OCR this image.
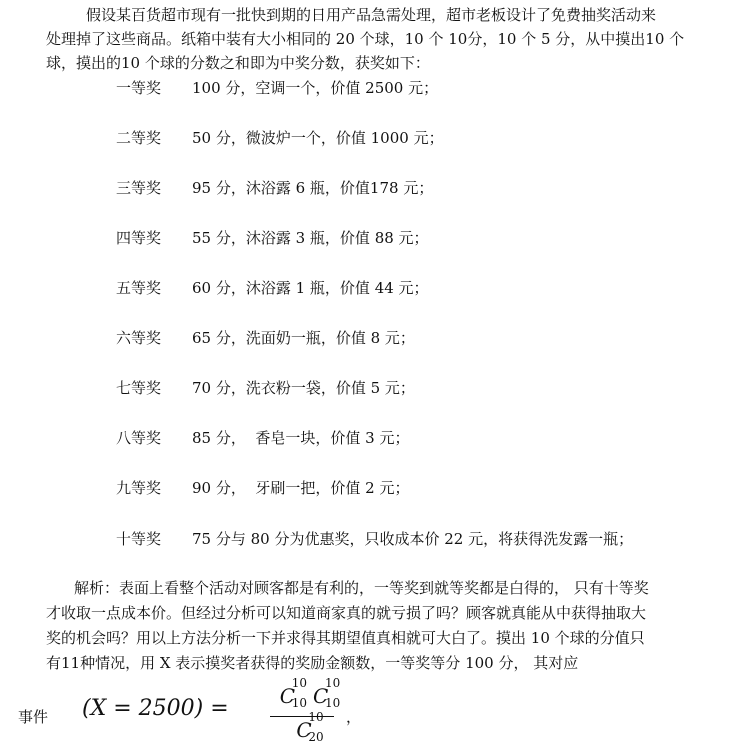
假设某百货超市现有一批快到期的日用产品急需处理，超市老板设计了免费抽奖活动来
处理掉了这些商品。纸箱中装有大小相同的 20 个球，10 个 10分，10 个 5 分，从中摸出10 个
球，摸出的10 个球的分数之和即为中奖分数，获奖如下：
一等奖 100 分，空调一个，价值 2500 元；
二等奖 50 分，微波炉一个，价值 1000 元；
三等奖 95 分，沐浴露 6 瓶，价值178 元；
四等奖 55 分，沐浴露 3 瓶，价值 88 元；
五等奖 60 分，沐浴露 1 瓶，价值 44 元；
六等奖 65 分，洗面奶一瓶，价值 8 元；
七等奖 70 分，洗衣粉一袋，价值 5 元；
八等奖 85 分，  香皂一块，价值 3 元；
九等奖 90 分，  牙刷一把，价值 2 元；
十等奖 75 分与 80 分为优惠奖，只收成本价 22 元，将获得洗发露一瓶；
解析：表面上看整个活动对顾客都是有利的，一等奖到就等奖都是白得的， 只有十等奖
才收取一点成本价。但经过分析可以知道商家真的就亏损了吗？顾客就真能从中获得抽取大
奖的机会吗？用以上方法分析一下并求得其期望值真相就可大白了。摸出 10 个球的分值只
有11种情况，用 X 表示摸奖者获得的奖励金额数，一等奖等分 100 分， 其对应
事件 (X = 2500) =	C
10
10 C
10
10
C
10
20
，
